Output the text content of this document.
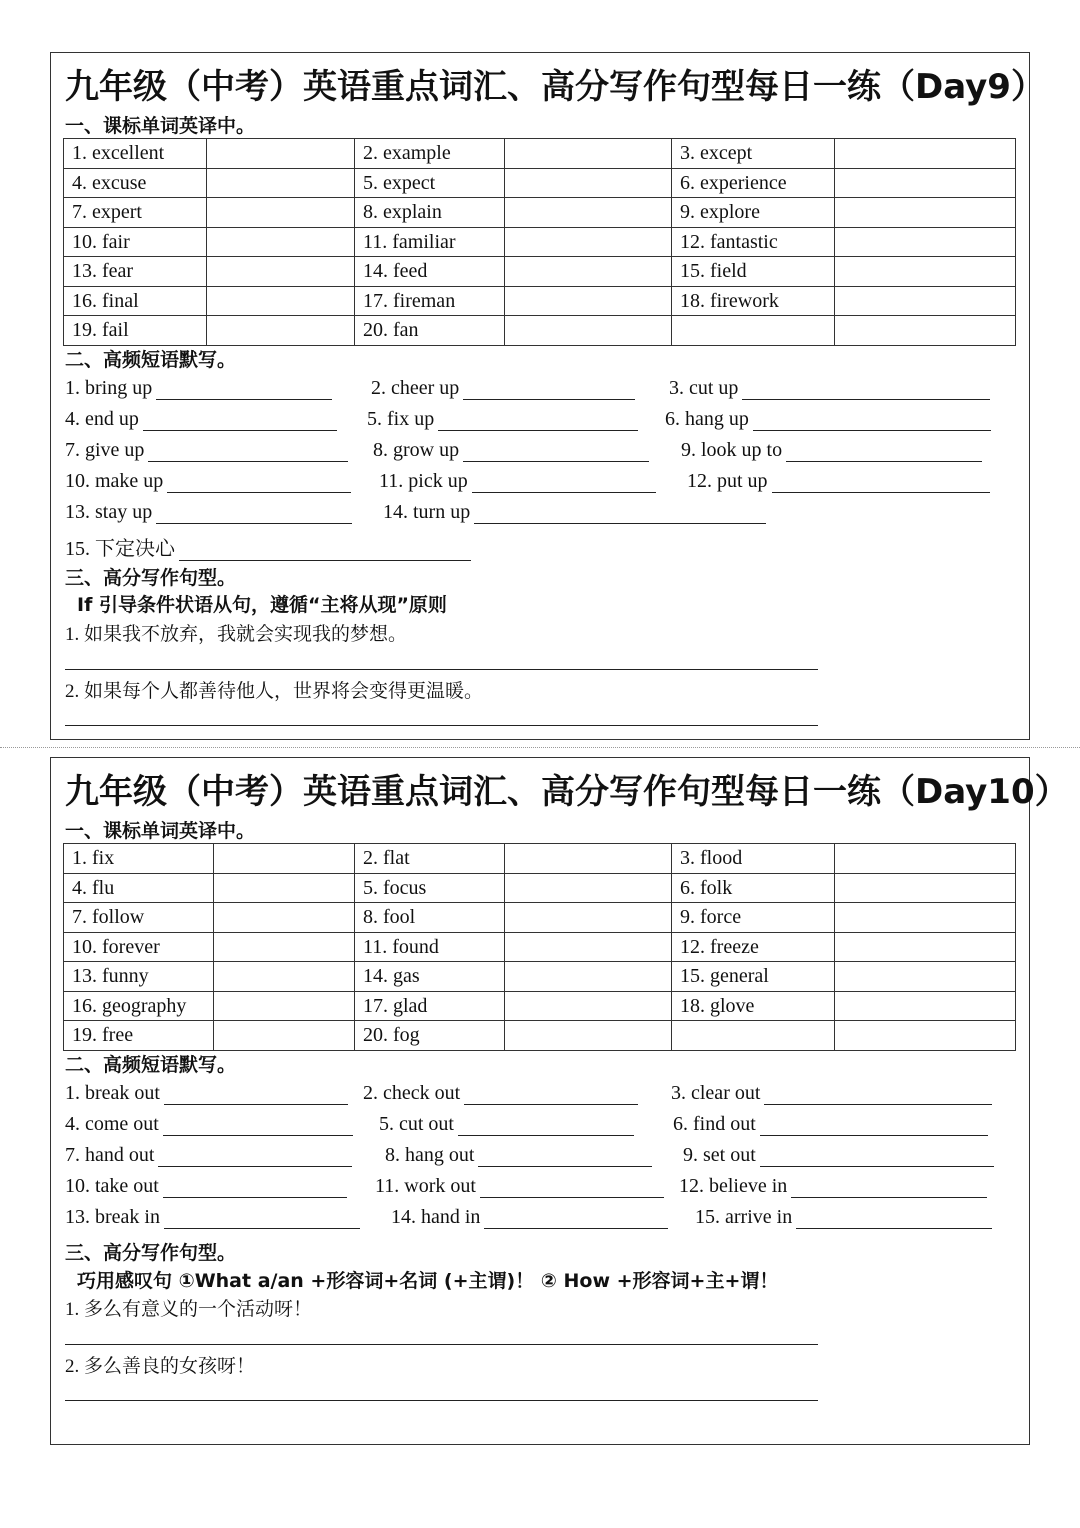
九年级（中考）英语重点词汇、高分写作句型每日一练（Day9）
一、课标单词英译中。
1. excellent		2. example		3. except	
4. excuse		5. expect		6. experience	
7. expert		8. explain		9. explore	
10. fair		11. familiar		12. fantastic	
13. fear		14. feed		15. field	
16. final		17. fireman		18. firework	
19. fail		20. fan			
二、高频短语默写。
1. bring up	2. cheer up	3. cut up
4. end up	5. fix up	6. hang up
7. give up	8. grow up	9. look up to
10. make up	11. pick up	12. put up
13. stay up	14. turn up
15. 下定决心
三、高分写作句型。
If 引导条件状语从句，遵循“主将从现”原则
1. 如果我不放弃，我就会实现我的梦想。
2. 如果每个人都善待他人，世界将会变得更温暖。
九年级（中考）英语重点词汇、高分写作句型每日一练（Day10）
一、课标单词英译中。
1. fix		2. flat		3. flood	
4. flu		5. focus		6. folk	
7. follow		8. fool		9. force	
10. forever		11. found		12. freeze	
13. funny		14. gas		15. general	
16. geography		17. glad		18. glove	
19. free		20. fog			
二、高频短语默写。
1. break out	2. check out	3. clear out
4. come out	5. cut out	6. find out
7. hand out	8. hang out	9. set out
10. take out	11. work out	12. believe in
13. break in	14. hand in	15. arrive in
三、高分写作句型。
巧用感叹句 ①What a/an +形容词+名词 (+主谓)！ ② How +形容词+主+谓！
1. 多么有意义的一个活动呀！
2. 多么善良的女孩呀！
